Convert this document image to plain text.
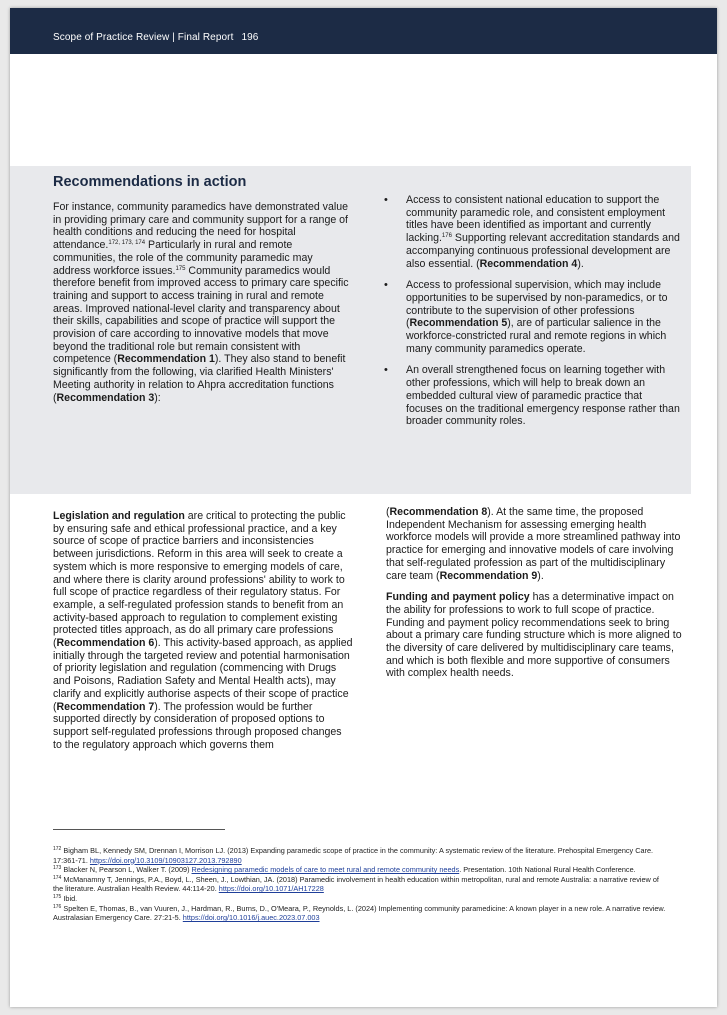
Scope of Practice Review | Final Report 196
Recommendations in action

For instance, community paramedics have demonstrated value in providing primary care and community support for a range of health conditions and reducing the need for hospital attendance.$^{172, 173, 174}$ Particularly in rural and remote communities, the role of the community paramedic may address workforce issues.$^{175}$ Community paramedics would therefore benefit from improved access to primary care specific training and support to access training in rural and remote areas. Improved national-level clarity and transparency about their skills, capabilities and scope of practice will support the provision of care according to innovative models that move beyond the traditional role but remain consistent with competence (Recommendation 1). They also stand to benefit significantly from the following, via clarified Health Ministers' Meeting authority in relation to Ahpra accreditation functions (Recommendation 3):

• Access to consistent national education to support the community paramedic role, and consistent employment titles have been identified as important and currently lacking.$^{176}$ Supporting relevant accreditation standards and accompanying continuous professional development are also essential. (Recommendation 4).

• Access to professional supervision, which may include opportunities to be supervised by non-paramedics, or to contribute to the supervision of other professions (Recommendation 5), are of particular salience in the workforce-constricted rural and remote regions in which many community paramedics operate.

• An overall strengthened focus on learning together with other professions, which will help to break down an embedded cultural view of paramedic practice that focuses on the traditional emergency response rather than broader community roles.

Legislation and regulation are critical to protecting the public by ensuring safe and ethical professional practice, and a key source of scope of practice barriers and inconsistencies between jurisdictions. Reform in this area will seek to create a system which is more responsive to emerging models of care, and where there is clarity around professions' ability to work to full scope of practice regardless of their regulatory status. For example, a self-regulated profession stands to benefit from an activity-based approach to regulation to complement existing protected titles approach, as do all primary care professions (Recommendation 6). This activity-based approach, as applied initially through the targeted review and potential harmonisation of priority legislation and regulation (commencing with Drugs and Poisons, Radiation Safety and Mental Health acts), may clarify and explicitly authorise aspects of their scope of practice (Recommendation 7). The profession would be further supported directly by consideration of proposed options to support self-regulated professions through proposed changes to the regulatory approach which governs them

(Recommendation 8). At the same time, the proposed Independent Mechanism for assessing emerging health workforce models will provide a more streamlined pathway into practice for emerging and innovative models of care involving that self-regulated profession as part of the multidisciplinary care team (Recommendation 9).

Funding and payment policy has a determinative impact on the ability for professions to work to full scope of practice. Funding and payment policy recommendations seek to bring about a primary care funding structure which is more aligned to the diversity of care delivered by multidisciplinary care teams, and which is both flexible and more supportive of consumers with complex health needs.

$^{172}$ Bigham BL, Kennedy SM, Drennan I, Morrison LJ. (2013) Expanding paramedic scope of practice in the community: A systematic review of the literature. Prehospital Emergency Care. 17:361-71. https://doi.org/10.3109/10903127.2013.792890

$^{173}$ Blacker N, Pearson L, Walker T. (2009) Redesigning paramedic models of care to meet rural and remote community needs. Presentation. 10th National Rural Health Conference.

$^{174}$ McManamny T, Jennings, P.A., Boyd, L., Sheen, J., Lowthian, JA. (2018) Paramedic involvement in health education within metropolitan, rural and remote Australia: a narrative review of the literature. Australian Health Review. 44:114-20. https://doi.org/10.1071/AH17228

$^{175}$ Ibid.

$^{176}$ Spelten E, Thomas, B., van Vuuren, J., Hardman, R., Burns, D., O'Meara, P., Reynolds, L. (2024) Implementing community paramedicine: A known player in a new role. A narrative review. Australasian Emergency Care. 27:21-5. https://doi.org/10.1016/j.auec.2023.07.003
